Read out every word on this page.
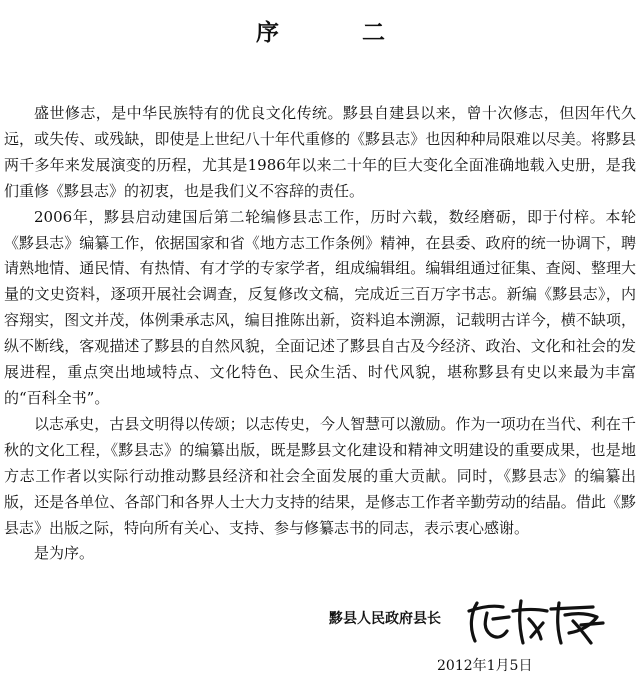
序　二

盛世修志，是中华民族特有的优良文化传统。黟县自建县以来，曾十次修志，但因年代久远，或失传、或残缺，即使是上世纪八十年代重修的《黟县志》也因种种局限难以尽美。将黟县两千多年来发展演变的历程，尤其是1986年以来二十年的巨大变化全面准确地载入史册，是我们重修《黟县志》的初衷，也是我们义不容辞的责任。

2006年，黟县启动建国后第二轮编修县志工作，历时六载，数经磨砺，即于付梓。本轮《黟县志》编纂工作，依据国家和省《地方志工作条例》精神，在县委、政府的统一协调下，聘请熟地情、通民情、有热情、有才学的专家学者，组成编辑组。编辑组通过征集、查阅、整理大量的文史资料，逐项开展社会调查，反复修改文稿，完成近三百万字书志。新编《黟县志》，内容翔实，图文并茂，体例秉承志风，编目推陈出新，资料追本溯源，记载明古详今，横不缺项，纵不断线，客观描述了黟县的自然风貌，全面记述了黟县自古及今经济、政治、文化和社会的发展进程，重点突出地域特点、文化特色、民众生活、时代风貌，堪称黟县有史以来最为丰富的“百科全书”。

以志承史，古县文明得以传颂；以志传史，今人智慧可以激励。作为一项功在当代、利在千秋的文化工程，《黟县志》的编纂出版，既是黟县文化建设和精神文明建设的重要成果，也是地方志工作者以实际行动推动黟县经济和社会全面发展的重大贡献。同时，《黟县志》的编纂出版，还是各单位、各部门和各界人士大力支持的结果，是修志工作者辛勤劳动的结晶。借此《黟县志》出版之际，特向所有关心、支持、参与修纂志书的同志，表示衷心感谢。

是为序。

黟县人民政府县长
2012年1月5日
